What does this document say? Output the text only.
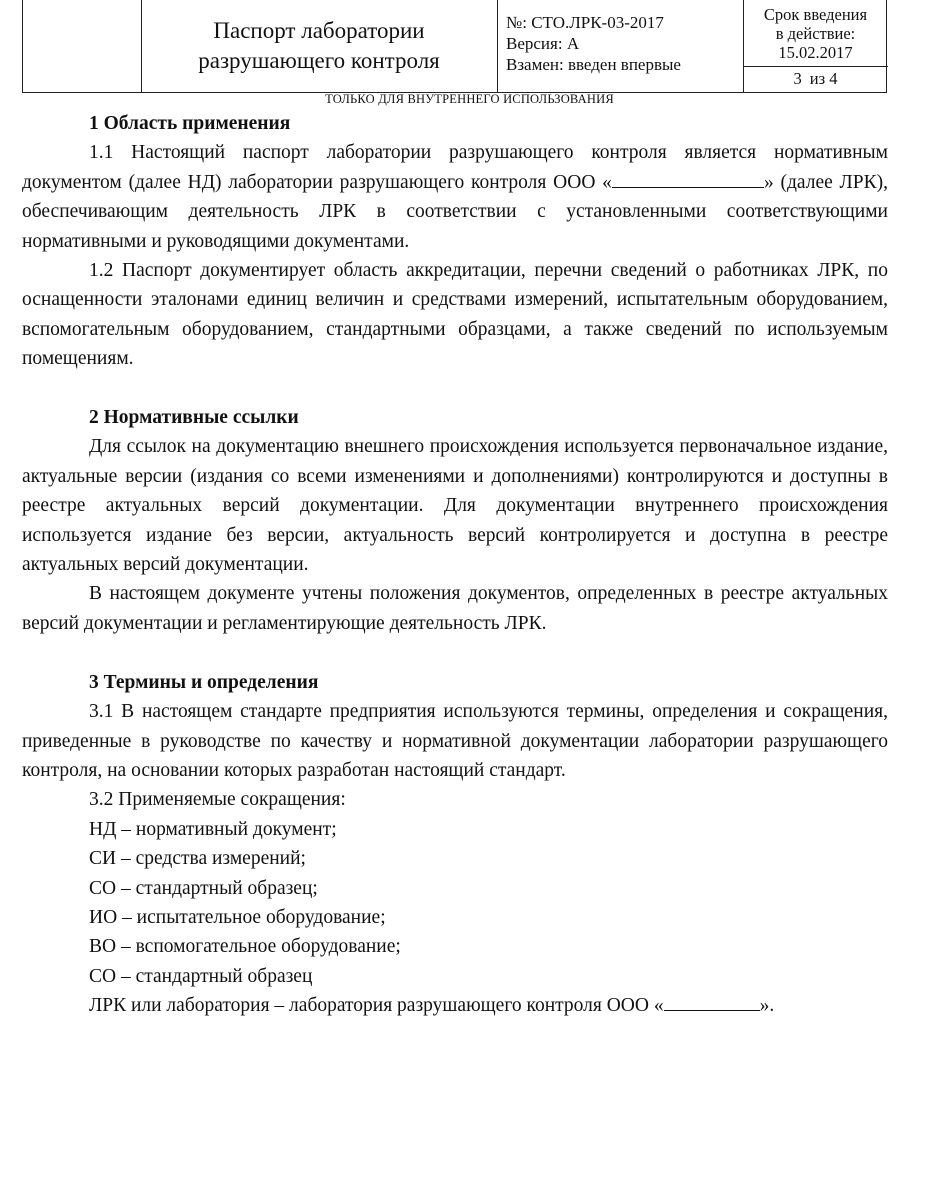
Паспорт лаборатории
разрушающего контроля
№: СТО.ЛРК-03-2017
Версия: А
Взамен: введен впервые
Срок введения
в действие:
15.02.2017
3 из 4
ТОЛЬКО ДЛЯ ВНУТРЕННЕГО ИСПОЛЬЗОВАНИЯ

1 Область применения

1.1 Настоящий паспорт лаборатории разрушающего контроля является нормативным документом (далее НД) лаборатории разрушающего контроля ООО «	» (далее ЛРК), обеспечивающим деятельность ЛРК в соответствии с установленными соответствующими нормативными и руководящими документами.

1.2 Паспорт документирует область аккредитации, перечни сведений о работниках ЛРК, по оснащенности эталонами единиц величин и средствами измерений, испытательным оборудованием, вспомогательным оборудованием, стандартными образцами, а также сведений по используемым помещениям.

2 Нормативные ссылки

Для ссылок на документацию внешнего происхождения используется первоначальное издание, актуальные версии (издания со всеми изменениями и дополнениями) контролируются и доступны в реестре актуальных версий документации. Для документации внутреннего происхождения используется издание без версии, актуальность версий контролируется и доступна в реестре актуальных версий документации.

В настоящем документе учтены положения документов, определенных в реестре актуальных версий документации и регламентирующие деятельность ЛРК.

3 Термины и определения

3.1 В настоящем стандарте предприятия используются термины, определения и сокращения, приведенные в руководстве по качеству и нормативной документации лаборатории разрушающего контроля, на основании которых разработан настоящий стандарт.

3.2 Применяемые сокращения:

НД – нормативный документ;

СИ – средства измерений;

СО – стандартный образец;

ИО – испытательное оборудование;

ВО – вспомогательное оборудование;

СО – стандартный образец

ЛРК или лаборатория – лаборатория разрушающего контроля ООО «	».
